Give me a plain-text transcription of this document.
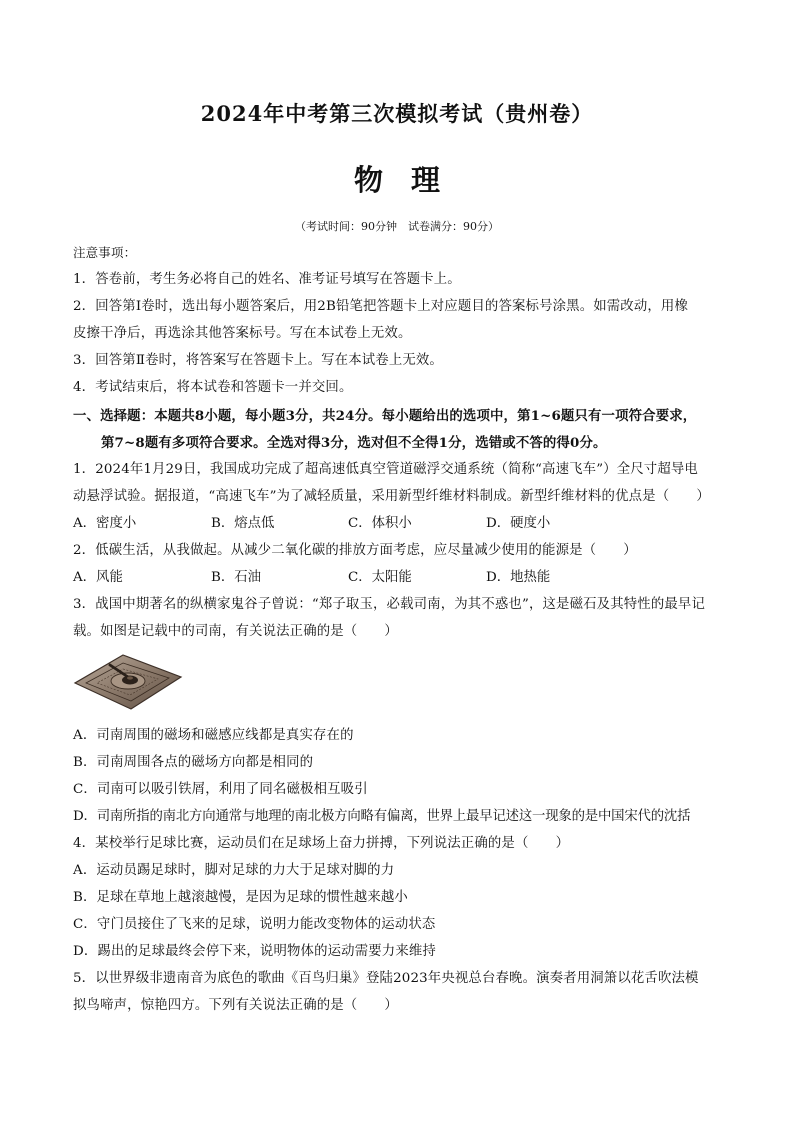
2024年中考第三次模拟考试（贵州卷）
物理
（考试时间：90分钟　试卷满分：90分）
注意事项：
1．答卷前，考生务必将自己的姓名、准考证号填写在答题卡上。
2．回答第Ⅰ卷时，选出每小题答案后，用2B铅笔把答题卡上对应题目的答案标号涂黑。如需改动，用橡
皮擦干净后，再选涂其他答案标号。写在本试卷上无效。
3．回答第Ⅱ卷时，将答案写在答题卡上。写在本试卷上无效。
4．考试结束后，将本试卷和答题卡一并交回。
一、选择题：本题共8小题，每小题3分，共24分。每小题给出的选项中，第1~6题只有一项符合要求，
第7~8题有多项符合要求。全选对得3分，选对但不全得1分，选错或不答的得0分。
1．2024年1月29日，我国成功完成了超高速低真空管道磁浮交通系统（简称“高速飞车”）全尺寸超导电
动悬浮试验。据报道，“高速飞车”为了减轻质量，采用新型纤维材料制成。新型纤维材料的优点是（　　）
A．密度小	B．熔点低	C．体积小	D．硬度小
2．低碳生活，从我做起。从减少二氧化碳的排放方面考虑，应尽量减少使用的能源是（　　）
A．风能	B．石油	C．太阳能	D．地热能
3．战国中期著名的纵横家鬼谷子曾说：“郑子取玉，必载司南，为其不惑也”，这是磁石及其特性的最早记
载。如图是记载中的司南，有关说法正确的是（　　）
A．司南周围的磁场和磁感应线都是真实存在的
B．司南周围各点的磁场方向都是相同的
C．司南可以吸引铁屑，利用了同名磁极相互吸引
D．司南所指的南北方向通常与地理的南北极方向略有偏离，世界上最早记述这一现象的是中国宋代的沈括
4．某校举行足球比赛，运动员们在足球场上奋力拼搏，下列说法正确的是（　　）
A．运动员踢足球时，脚对足球的力大于足球对脚的力
B．足球在草地上越滚越慢，是因为足球的惯性越来越小
C．守门员接住了飞来的足球，说明力能改变物体的运动状态
D．踢出的足球最终会停下来，说明物体的运动需要力来维持
5．以世界级非遗南音为底色的歌曲《百鸟归巢》登陆2023年央视总台春晚。演奏者用洞箫以花舌吹法模
拟鸟啼声，惊艳四方。下列有关说法正确的是（　　）
